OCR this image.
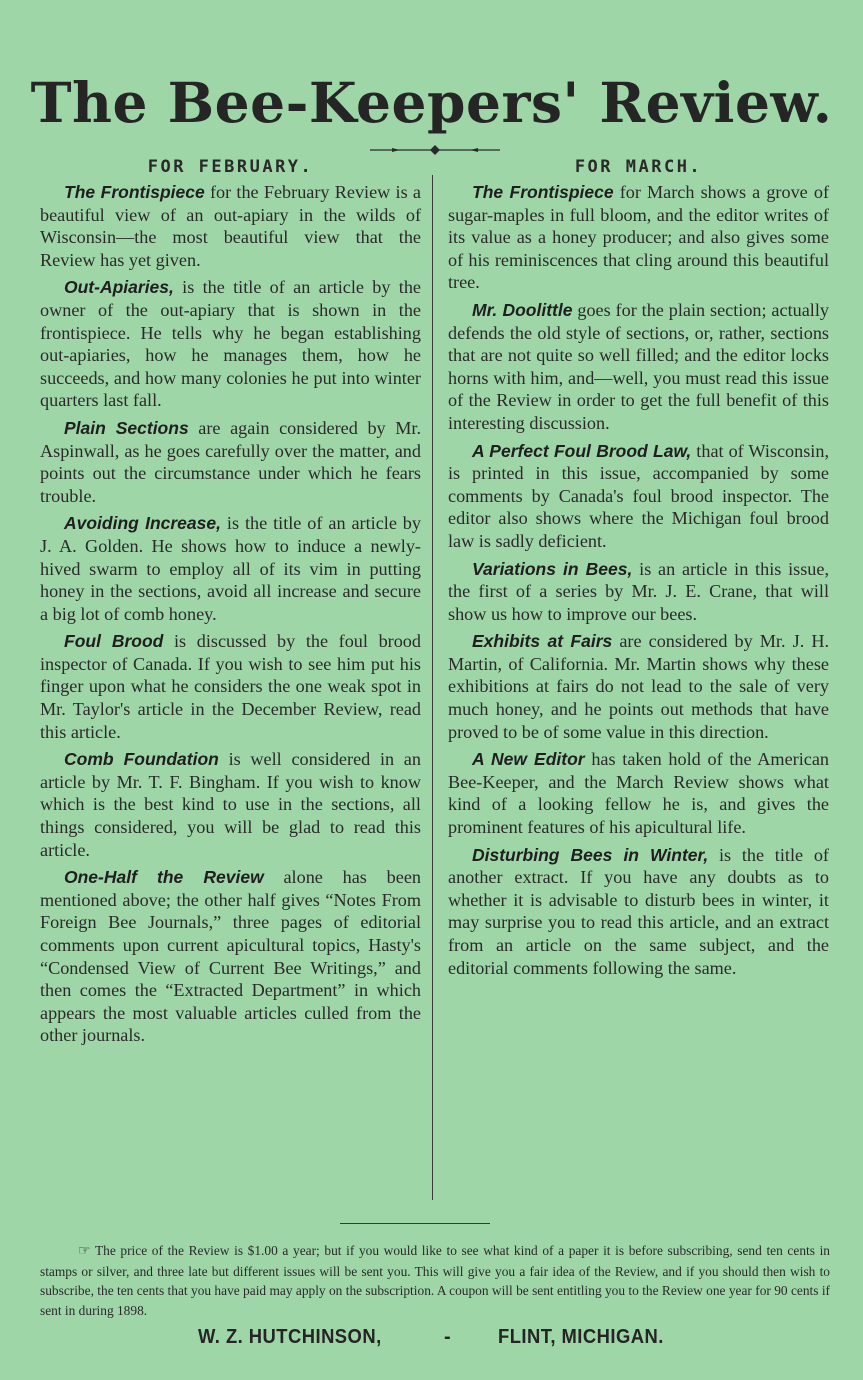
The Bee-Keepers' Review.
FOR FEBRUARY.

The Frontispiece for the February Review is a beautiful view of an out-apiary in the wilds of Wisconsin—the most beautiful view that the Review has yet given.

Out-Apiaries, is the title of an article by the owner of the out-apiary that is shown in the frontispiece. He tells why he began establishing out-apiaries, how he manages them, how he succeeds, and how many colonies he put into winter quarters last fall.

Plain Sections are again considered by Mr. Aspinwall, as he goes carefully over the matter, and points out the circumstance under which he fears trouble.

Avoiding Increase, is the title of an article by J. A. Golden. He shows how to induce a newly-hived swarm to employ all of its vim in putting honey in the sections, avoid all increase and secure a big lot of comb honey.

Foul Brood is discussed by the foul brood inspector of Canada. If you wish to see him put his finger upon what he considers the one weak spot in Mr. Taylor's article in the December Review, read this article.

Comb Foundation is well considered in an article by Mr. T. F. Bingham. If you wish to know which is the best kind to use in the sections, all things considered, you will be glad to read this article.

One-Half the Review alone has been mentioned above; the other half gives “Notes From Foreign Bee Journals,” three pages of editorial comments upon current apicultural topics, Hasty's “Condensed View of Current Bee Writings,” and then comes the “Extracted Department” in which appears the most valuable articles culled from the other journals.

FOR MARCH.

The Frontispiece for March shows a grove of sugar-maples in full bloom, and the editor writes of its value as a honey producer; and also gives some of his reminiscences that cling around this beautiful tree.

Mr. Doolittle goes for the plain section; actually defends the old style of sections, or, rather, sections that are not quite so well filled; and the editor locks horns with him, and—well, you must read this issue of the Review in order to get the full benefit of this interesting discussion.

A Perfect Foul Brood Law, that of Wisconsin, is printed in this issue, accompanied by some comments by Canada's foul brood inspector. The editor also shows where the Michigan foul brood law is sadly deficient.

Variations in Bees, is an article in this issue, the first of a series by Mr. J. E. Crane, that will show us how to improve our bees.

Exhibits at Fairs are considered by Mr. J. H. Martin, of California. Mr. Martin shows why these exhibitions at fairs do not lead to the sale of very much honey, and he points out methods that have proved to be of some value in this direction.

A New Editor has taken hold of the American Bee-Keeper, and the March Review shows what kind of a looking fellow he is, and gives the prominent features of his apicultural life.

Disturbing Bees in Winter, is the title of another extract. If you have any doubts as to whether it is advisable to disturb bees in winter, it may surprise you to read this article, and an extract from an article on the same subject, and the editorial comments following the same.

☞ The price of the Review is $1.00 a year; but if you would like to see what kind of a paper it is before subscribing, send ten cents in stamps or silver, and three late but different issues will be sent you. This will give you a fair idea of the Review, and if you should then wish to subscribe, the ten cents that you have paid may apply on the subscription. A coupon will be sent entitling you to the Review one year for 90 cents if sent in during 1898.

W. Z. HUTCHINSON,	- FLINT, MICHIGAN.
